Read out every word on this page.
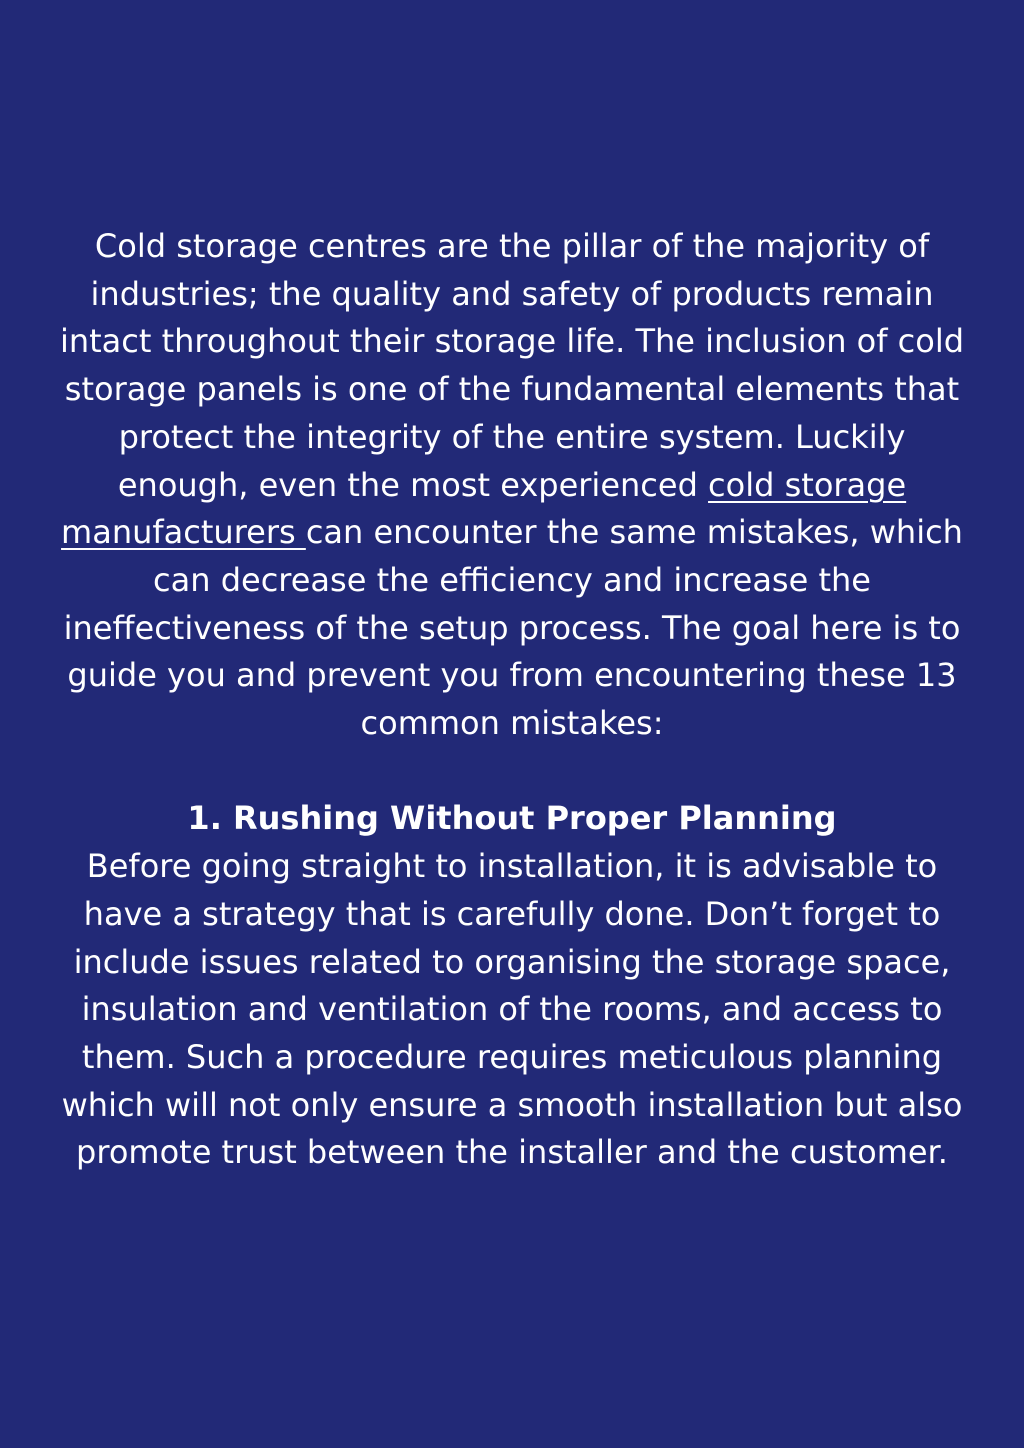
Cold storage centres are the pillar of the majority of industries; the quality and safety of products remain intact throughout their storage life. The inclusion of cold storage panels is one of the fundamental elements that protect the integrity of the entire system. Luckily enough, even the most experienced cold storage manufacturers can encounter the same mistakes, which can decrease the efficiency and increase the ineffectiveness of the setup process. The goal here is to guide you and prevent you from encountering these 13 common mistakes:

1. Rushing Without Proper Planning

Before going straight to installation, it is advisable to have a strategy that is carefully done. Don’t forget to include issues related to organising the storage space, insulation and ventilation of the rooms, and access to them. Such a procedure requires meticulous planning which will not only ensure a smooth installation but also promote trust between the installer and the customer.
